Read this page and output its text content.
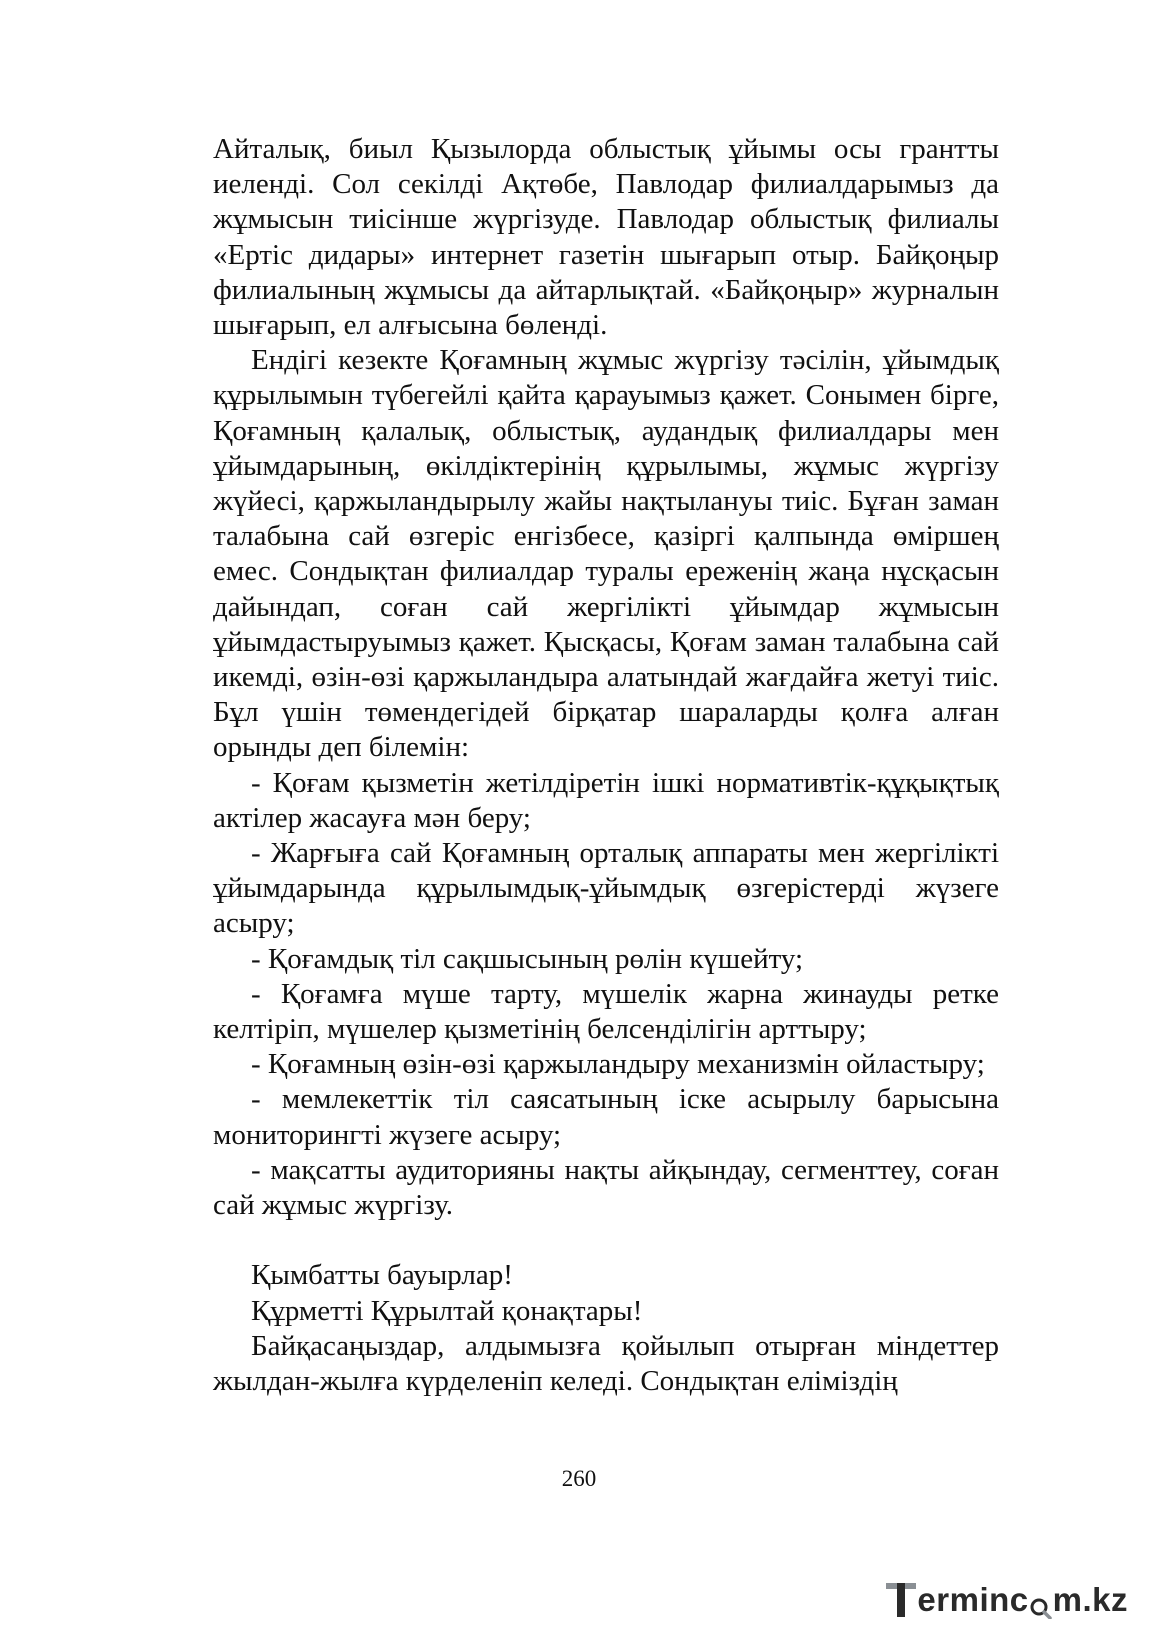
Айталық, биыл Қызылорда облыстық ұйымы осы грантты иеленді. Сол секілді Ақтөбе, Павлодар филиалдарымыз да жұмысын тиісінше жүргізуде. Павлодар облыстық филиалы «Ертіс дидары» интернет газетін шығарып отыр. Байқоңыр филиалының жұмысы да айтарлықтай. «Байқоңыр» журналын шығарып, ел алғысына бөленді.

Ендігі кезекте Қоғамның жұмыс жүргізу тәсілін, ұйымдық құрылымын түбегейлі қайта қарауымыз қажет. Сонымен бірге, Қоғамның қалалық, облыстық, аудандық филиалдары мен ұйымдарының, өкілдіктерінің құрылымы, жұмыс жүргізу жүйесі, қаржыландырылу жайы нақтылануы тиіс. Бұған заман талабына сай өзгеріс енгізбесе, қазіргі қалпында өміршең емес. Сондықтан филиалдар туралы ереженің жаңа нұсқасын дайындап, соған сай жергілікті ұйымдар жұмысын ұйымдастыруымыз қажет. Қысқасы, Қоғам заман талабына сай икемді, өзін-өзі қаржыландыра алатындай жағдайға жетуі тиіс. Бұл үшін төмендегідей бірқатар шараларды қолға алған орынды деп білемін:

- Қоғам қызметін жетілдіретін ішкі нормативтік-құқықтық актілер жасауға мән беру;

- Жарғыға сай Қоғамның орталық аппараты мен жергілікті ұйымдарында құрылымдық-ұйымдық өзгерістерді жүзеге асыру;

- Қоғамдық тіл сақшысының рөлін күшейту;

- Қоғамға мүше тарту, мүшелік жарна жинауды ретке келтіріп, мүшелер қызметінің белсенділігін арттыру;

- Қоғамның өзін-өзі қаржыландыру механизмін ойластыру;

- мемлекеттік тіл саясатының іске асырылу барысына мониторингті жүзеге асыру;

- мақсатты аудиторияны нақты айқындау, сегменттеу, соған сай жұмыс жүргізу.

Қымбатты бауырлар!

Құрметті Құрылтай қонақтары!

Байқасаңыздар, алдымызға қойылып отырған міндеттер жылдан-жылға күрделеніп келеді. Сондықтан еліміздің

260
erminc m.kz
